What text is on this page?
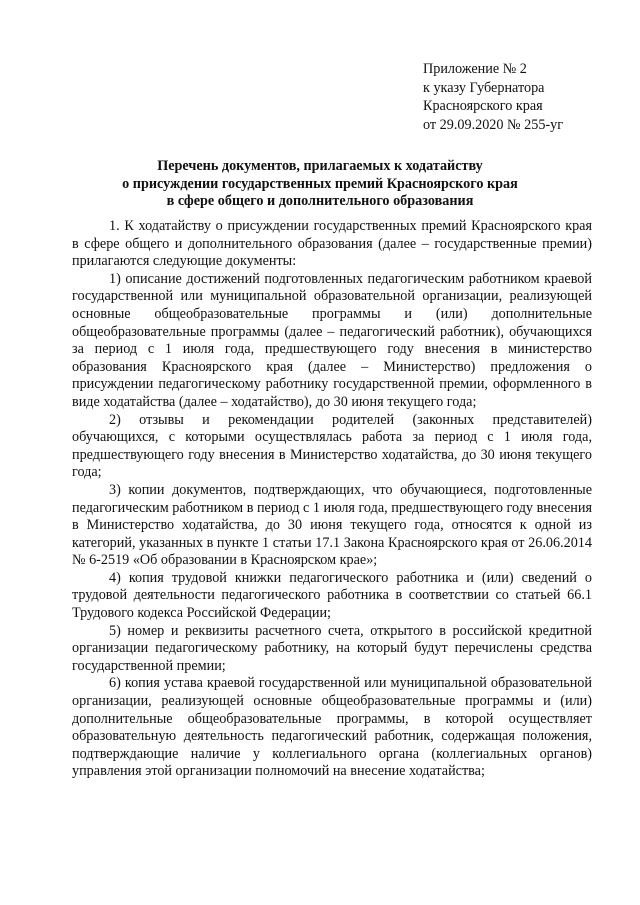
Приложение № 2
к указу Губернатора
Красноярского края
от 29.09.2020 № 255-уг
Перечень документов, прилагаемых к ходатайству
о присуждении государственных премий Красноярского края
в сфере общего и дополнительного образования

1. К ходатайству о присуждении государственных премий Красноярского края в сфере общего и дополнительного образования (далее – государственные премии) прилагаются следующие документы:

1) описание достижений подготовленных педагогическим работником краевой государственной или муниципальной образовательной организации, реализующей основные общеобразовательные программы и (или) дополнительные общеобразовательные программы (далее – педагогический работник), обучающихся за период с 1 июля года, предшествующего году внесения в министерство образования Красноярского края (далее – Министерство) предложения о присуждении педагогическому работнику государственной премии, оформленного в виде ходатайства (далее – ходатайство), до 30 июня текущего года;

2) отзывы и рекомендации родителей (законных представителей) обучающихся, с которыми осуществлялась работа за период с 1 июля года, предшествующего году внесения в Министерство ходатайства, до 30 июня текущего года;

3) копии документов, подтверждающих, что обучающиеся, подготовленные педагогическим работником в период с 1 июля года, предшествующего году внесения в Министерство ходатайства, до 30 июня текущего года, относятся к одной из категорий, указанных в пункте 1 статьи 17.1 Закона Красноярского края от 26.06.2014 № 6-2519 «Об образовании в Красноярском крае»;

4) копия трудовой книжки педагогического работника и (или) сведений о трудовой деятельности педагогического работника в соответствии со статьей 66.1 Трудового кодекса Российской Федерации;

5) номер и реквизиты расчетного счета, открытого в российской кредитной организации педагогическому работнику, на который будут перечислены средства государственной премии;

6) копия устава краевой государственной или муниципальной образовательной организации, реализующей основные общеобразовательные программы и (или) дополнительные общеобразовательные программы, в которой осуществляет образовательную деятельность педагогический работник, содержащая положения, подтверждающие наличие у коллегиального органа (коллегиальных органов) управления этой организации полномочий на внесение ходатайства;
